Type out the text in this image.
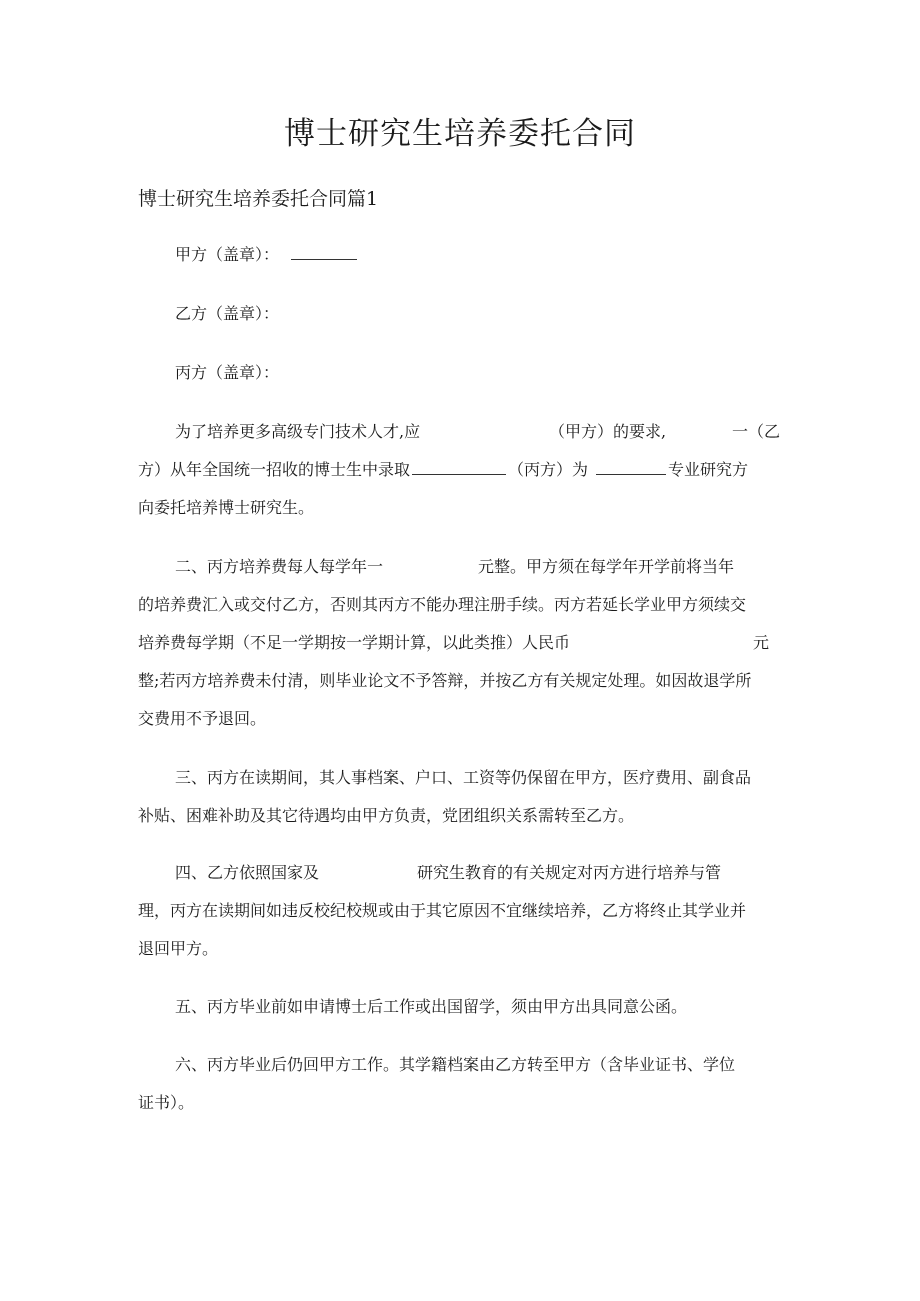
博士研究生培养委托合同
博士研究生培养委托合同篇1
甲方（盖章）：
乙方（盖章）：
丙方（盖章）：
为了培养更多高级专门技术人才,应	（甲方）的要求,	一（乙
方）从年全国统一招收的博士生中录取	（丙方）为	专业研究方
向委托培养博士研究生。
二、丙方培养费每人每学年一	元整。甲方须在每学年开学前将当年
的培养费汇入或交付乙方，否则其丙方不能办理注册手续。丙方若延长学业甲方须续交
培养费每学期（不足一学期按一学期计算，以此类推）人民币	元
整;若丙方培养费未付清，则毕业论文不予答辩，并按乙方有关规定处理。如因故退学所
交费用不予退回。
三、丙方在读期间，其人事档案、户口、工资等仍保留在甲方，医疗费用、副食品
补贴、困难补助及其它待遇均由甲方负责，党团组织关系需转至乙方。
四、乙方依照国家及	研究生教育的有关规定对丙方进行培养与管
理，丙方在读期间如违反校纪校规或由于其它原因不宜继续培养，乙方将终止其学业并
退回甲方。
五、丙方毕业前如申请博士后工作或出国留学，须由甲方出具同意公函。
六、丙方毕业后仍回甲方工作。其学籍档案由乙方转至甲方（含毕业证书、学位
证书）。
